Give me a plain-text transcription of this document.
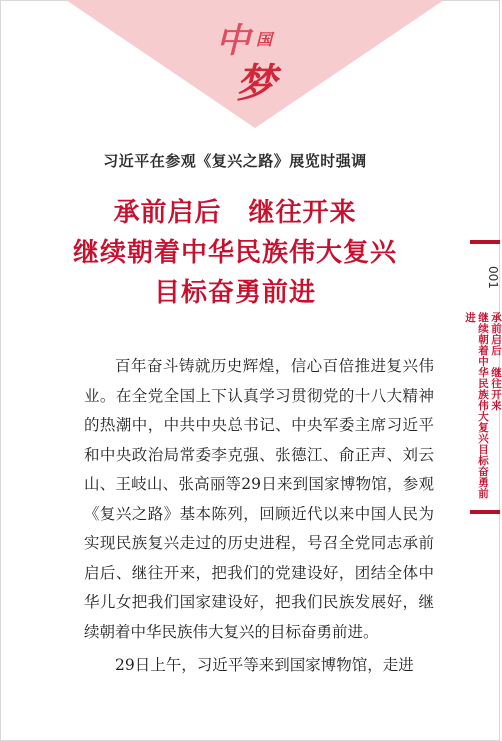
中 国
梦
习近平在参观《复兴之路》展览时强调
承前启后　继往开来
继续朝着中华民族伟大复兴
目标奋勇前进

百年奋斗铸就历史辉煌，信心百倍推进复兴伟业。在全党全国上下认真学习贯彻党的十八大精神的热潮中，中共中央总书记、中央军委主席习近平和中央政治局常委李克强、张德江、俞正声、刘云山、王岐山、张高丽等29日来到国家博物馆，参观《复兴之路》基本陈列，回顾近代以来中国人民为实现民族复兴走过的历史进程，号召全党同志承前启后、继往开来，把我们的党建设好，团结全体中华儿女把我们国家建设好，把我们民族发展好，继续朝着中华民族伟大复兴的目标奋勇前进。

29日上午，习近平等来到国家博物馆，走进

001
承前启后　继往开来
继续朝着中华民族伟大复兴目标奋勇前进
